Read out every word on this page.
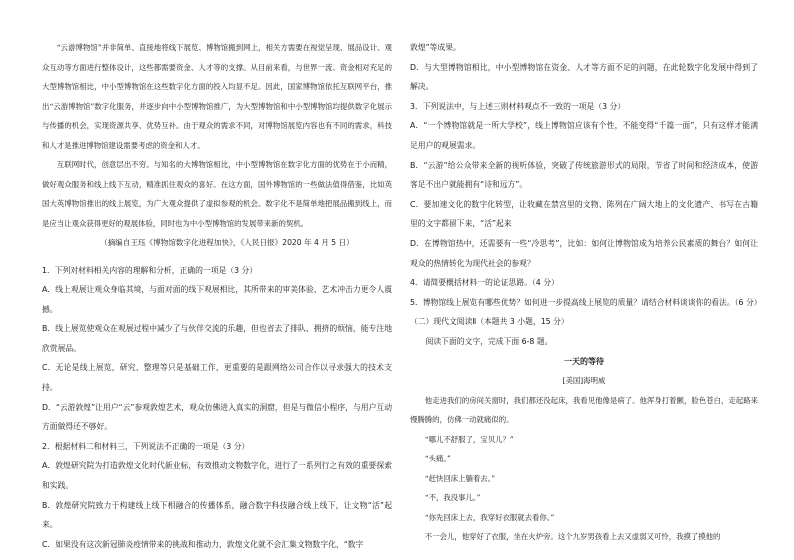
“云游博物馆”并非简单、直接地将线下展览、博物馆搬到网上，相关方需要在视觉呈现、展品设计、观众互动等方面进行整体设计，这些都需要资金、人才等的支撑。从目前来看，与世界一流、资金相对充足的大型博物馆相比，中小型博物馆在这些数字化方面的投入均显不足。因此，国家博物馆依托互联网平台，推出“云游博物馆”数字化服务，并逐步向中小型博物馆推广，为大型博物馆和中小型博物馆均提供数字化展示与传播的机会，实现资源共享、优势互补。由于观众的需求不同，对博物馆展览内容也有不同的需求，科技和人才是推进博物馆建设需要考虑的资金和人才。

互联网时代，创意层出不穷。与知名的大博物馆相比，中小型博物馆在数字化方面的优势在于小而精，做好观众服务和线上线下互动，精准抓住观众的喜好。在这方面，国外博物馆的一些做法值得借鉴，比如英国大英博物馆推出的线上展览，为广大观众提供了虚拟参观的机会。数字化不是简单地把展品搬到线上，而是应当让观众获得更好的观展体验，同时也为中小型博物馆的发展带来新的契机。

（摘编自王珏《博物馆数字化进程加快》，《人民日报》2020 年 4 月 5 日）

1．下列对材料相关内容的理解和分析，正确的一项是（3 分）

A．线上观展让观众身临其境，与面对面的线下观展相比，其所带来的审美体验、艺术冲击力更令人震撼。

B．线上展览使观众在观展过程中减少了与伙伴交流的乐趣，但也省去了排队、拥挤的烦恼，能专注地欣赏展品。

C．无论是线上展览，研究、整理等只是基础工作，更重要的是跟网络公司合作以寻求强大的技术支持。

D．“云游敦煌”让用户“云”参观敦煌艺术，观众仿佛进入真实的洞窟，但是与微信小程序，与用户互动方面做得还不够好。

2．根据材料二和材料三，下列说法不正确的一项是（3 分）

A．敦煌研究院为打造敦煌文化时代新业标，有效推动文物数字化，进行了一系列行之有效的重要探索和实践。

B．敦煌研究院致力于构建线上线下相融合的传播体系，融合数字科技融合线上线下，让文物“活”起来。

C．如果没有这次新冠肺炎疫情带来的挑战和推动力，敦煌文化就不会汇集文物数字化、“数字

敦煌”等成果。

D．与大型博物馆相比，中小型博物馆在资金、人才等方面不足的问题，在此轮数字化发展中得到了解决。

3．下列说法中，与上述三则材料观点不一致的一项是（3 分）

A．“一个博物馆就是一所大学校”，线上博物馆应该有个性，不能变得“千篇一面”，只有这样才能满足用户的观展需求。

B．“云游”给公众带来全新的视听体验，突破了传统旅游形式的局限，节省了时间和经济成本，使游客足不出户就能拥有“诗和远方”。

C．要加速文化的数字化转型，让收藏在禁宫里的文物、陈列在广阔大地上的文化遗产、书写在古籍里的文字都留下来，“活”起来

D．在博物馆热中，还需要有一些“冷思考”，比如：如何让博物馆成为培养公民素质的舞台？如何让观众的热情转化为现代社会的参观？

4．请简要概括材料一的论证思路。（4 分）

5．博物馆线上展览有哪些优势？如何进一步提高线上展览的质量？请结合材料谈谈你的看法。（6 分）

（二）现代文阅读Ⅱ（本题共 3 小题，15 分）

阅读下面的文字，完成下面 6-8 题。

一天的等待

[美国]海明威

他走进我们的房间关窗时，我们都还没起床，我看见他像是病了。他浑身打着颤，脸色苍白，走起路来慢腾腾的，仿佛一动就痛似的。

“哪儿不舒服了，宝贝儿？”

“头痛。”

“赶快回床上躺着去。”

“不，我没事儿。”

“你先回床上去，我穿好衣服就去看你。”

不一会儿，他穿好了衣服，坐在火炉旁。这个九岁男孩看上去又虚弱又可怜，我摸了摸他的
